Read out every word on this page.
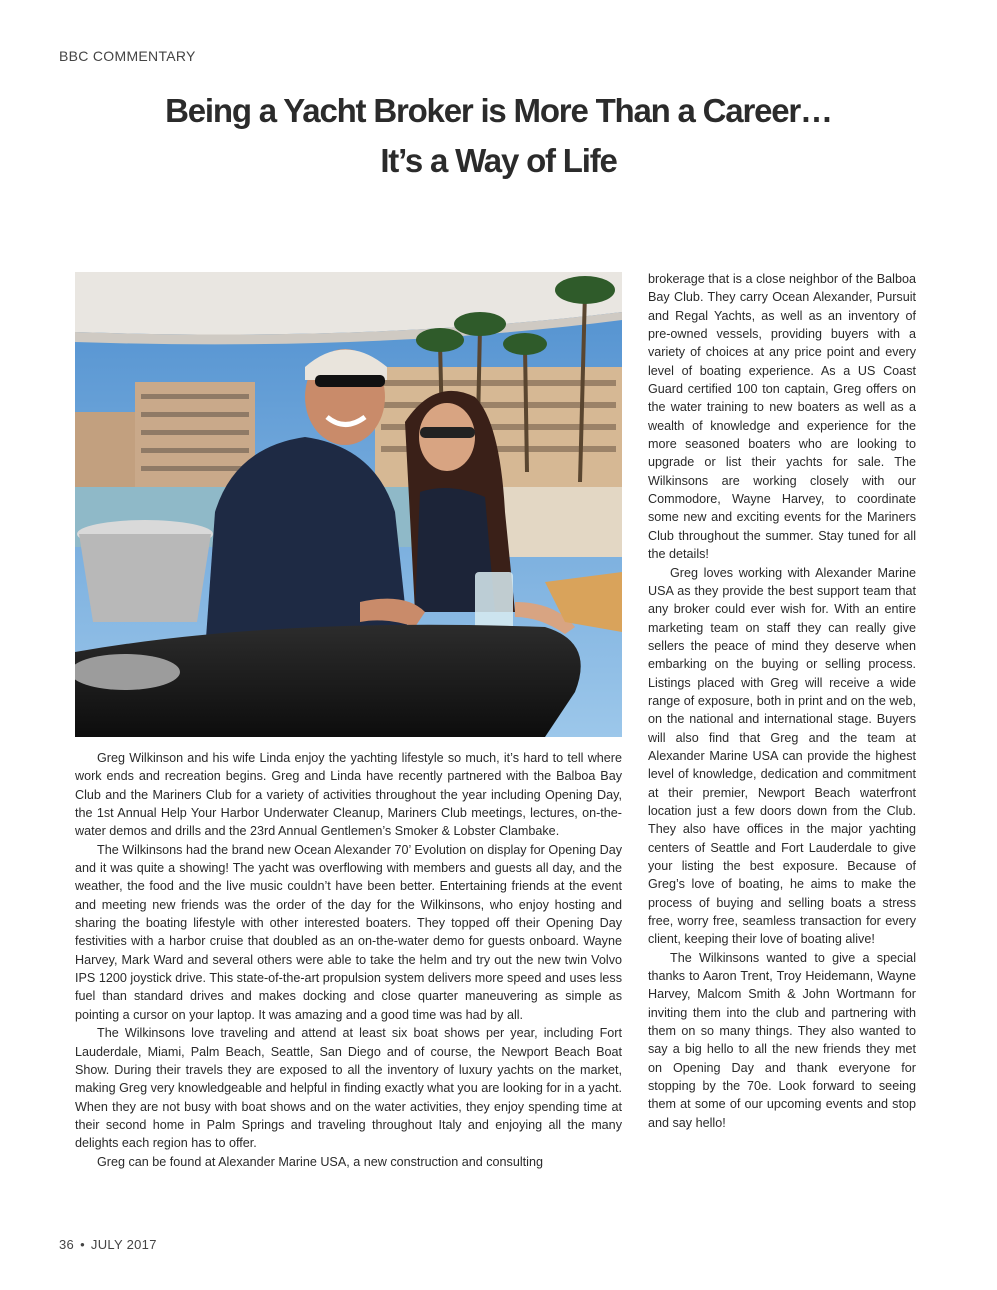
BBC COMMENTARY
Being a Yacht Broker is More Than a Career…
It’s a Way of Life

Greg Wilkinson and his wife Linda enjoy the yachting lifestyle so much, it’s hard to tell where work ends and recreation begins. Greg and Linda have recently partnered with the Balboa Bay Club and the Mariners Club for a variety of activities throughout the year including Opening Day, the 1st Annual Help Your Harbor Underwater Cleanup, Mariners Club meetings, lectures, on-the-water demos and drills and the 23rd Annual Gentlemen’s Smoker & Lobster Clambake.

The Wilkinsons had the brand new Ocean Alexander 70’ Evolution on display for Opening Day and it was quite a showing! The yacht was overflowing with members and guests all day, and the weather, the food and the live music couldn’t have been better. Entertaining friends at the event and meeting new friends was the order of the day for the Wilkinsons, who enjoy hosting and sharing the boating lifestyle with other interested boaters. They topped off their Opening Day festivities with a harbor cruise that doubled as an on-the-water demo for guests onboard. Wayne Harvey, Mark Ward and several others were able to take the helm and try out the new twin Volvo IPS 1200 joystick drive. This state-of-the-art propulsion system delivers more speed and uses less fuel than standard drives and makes docking and close quarter maneuvering as simple as pointing a cursor on your laptop. It was amazing and a good time was had by all.

The Wilkinsons love traveling and attend at least six boat shows per year, including Fort Lauderdale, Miami, Palm Beach, Seattle, San Diego and of course, the Newport Beach Boat Show. During their travels they are exposed to all the inventory of luxury yachts on the market, making Greg very knowledgeable and helpful in finding exactly what you are looking for in a yacht. When they are not busy with boat shows and on the water activities, they enjoy spending time at their second home in Palm Springs and traveling throughout Italy and enjoying all the many delights each region has to offer.

Greg can be found at Alexander Marine USA, a new construction and consulting

brokerage that is a close neighbor of the Balboa Bay Club. They carry Ocean Alexander, Pursuit and Regal Yachts, as well as an inventory of pre-owned vessels, providing buyers with a variety of choices at any price point and every level of boating experience. As a US Coast Guard certified 100 ton captain, Greg offers on the water training to new boaters as well as a wealth of knowledge and experience for the more seasoned boaters who are looking to upgrade or list their yachts for sale. The Wilkinsons are working closely with our Commodore, Wayne Harvey, to coordinate some new and exciting events for the Mariners Club throughout the summer. Stay tuned for all the details!

Greg loves working with Alexander Marine USA as they provide the best support team that any broker could ever wish for. With an entire marketing team on staff they can really give sellers the peace of mind they deserve when embarking on the buying or selling process. Listings placed with Greg will receive a wide range of exposure, both in print and on the web, on the national and international stage. Buyers will also find that Greg and the team at Alexander Marine USA can provide the highest level of knowledge, dedication and commitment at their premier, Newport Beach waterfront location just a few doors down from the Club. They also have offices in the major yachting centers of Seattle and Fort Lauderdale to give your listing the best exposure. Because of Greg’s love of boating, he aims to make the process of buying and selling boats a stress free, worry free, seamless transaction for every client, keeping their love of boating alive!

The Wilkinsons wanted to give a special thanks to Aaron Trent, Troy Heidemann, Wayne Harvey, Malcom Smith & John Wortmann for inviting them into the club and partnering with them on so many things. They also wanted to say a big hello to all the new friends they met on Opening Day and thank everyone for stopping by the 70e. Look forward to seeing them at some of our upcoming events and stop and say hello!

36 • JULY 2017
